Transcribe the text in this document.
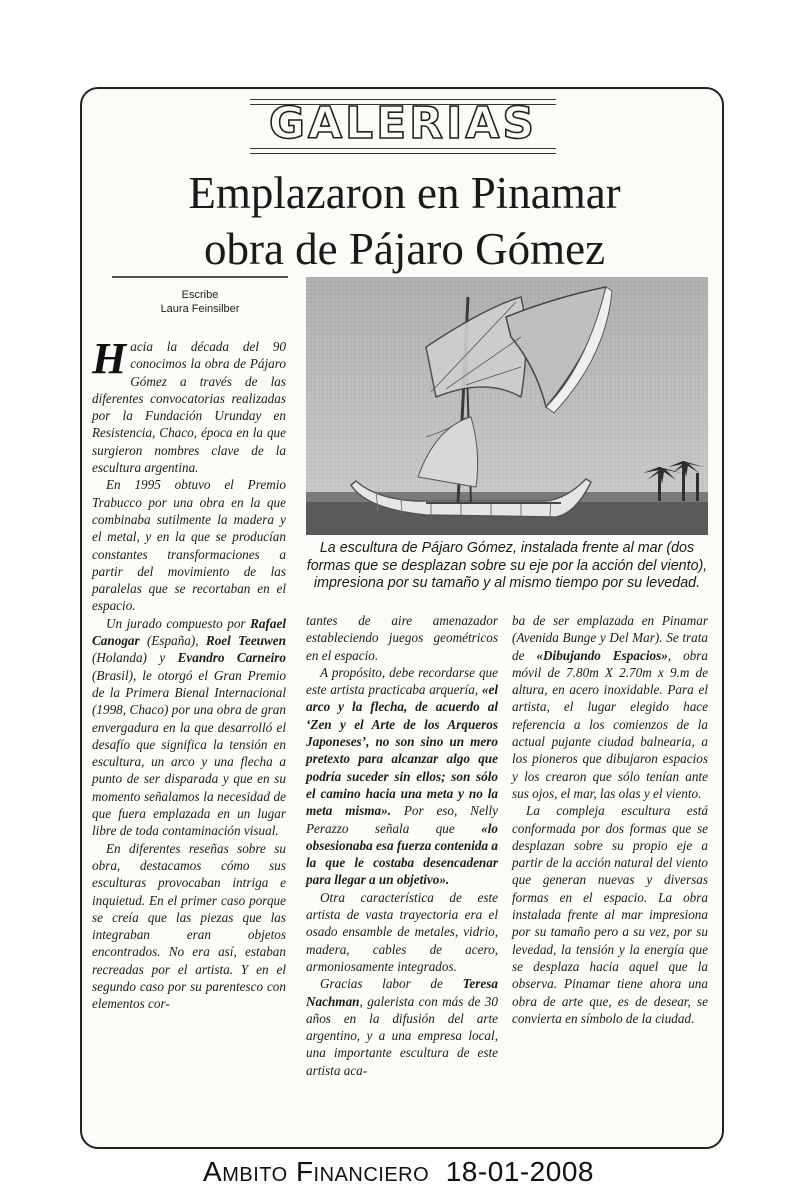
GALERIAS
Emplazaron en Pinamar
obra de Pájaro Gómez
Escribe
Laura Feinsilber
La escultura de Pájaro Gómez, instalada frente al mar (dos formas que se desplazan sobre su eje por la acción del viento), impresiona por su tamaño y al mismo tiempo por su levedad.

Hacia la década del 90 conocimos la obra de Pájaro Gómez a través de las diferentes convocatorias realizadas por la Fundación Urunday en Resistencia, Chaco, época en la que surgieron nombres clave de la escultura argentina.

En 1995 obtuvo el Premio Trabucco por una obra en la que combinaba sutilmente la madera y el metal, y en la que se producían constantes transformaciones a partir del movimiento de las paralelas que se recortaban en el espacio.

Un jurado compuesto por Rafael Canogar (España), Roel Teeuwen (Holanda) y Evandro Carneiro (Brasil), le otorgó el Gran Premio de la Primera Bienal Internacional (1998, Chaco) por una obra de gran envergadura en la que desarrolló el desafío que significa la tensión en escultura, un arco y una flecha a punto de ser disparada y que en su momento señalamos la necesidad de que fuera emplazada en un lugar libre de toda contaminación visual.

En diferentes reseñas sobre su obra, destacamos cómo sus esculturas provocaban intriga e inquietud. En el primer caso porque se creía que las piezas que las integraban eran objetos encontrados. No era así, estaban recreadas por el artista. Y en el segundo caso por su parentesco con elementos cor-

tantes de aire amenazador estableciendo juegos geométricos en el espacio.

A propósito, debe recordarse que este artista practicaba arquería, «el arco y la flecha, de acuerdo al ‘Zen y el Arte de los Arqueros Japoneses’, no son sino un mero pretexto para alcanzar algo que podría suceder sin ellos; son sólo el camino hacia una meta y no la meta misma». Por eso, Nelly Perazzo señala que «lo obsesionaba esa fuerza contenida a la que le costaba desencadenar para llegar a un objetivo».

Otra característica de este artista de vasta trayectoria era el osado ensamble de metales, vidrio, madera, cables de acero, armoniosamente integrados.

Gracias labor de Teresa Nachman, galerista con más de 30 años en la difusión del arte argentino, y a una empresa local, una importante escultura de este artista aca-

ba de ser emplazada en Pinamar (Avenida Bunge y Del Mar). Se trata de «Dibujando Espacios», obra móvil de 7.80m X 2.70m x 9.m de altura, en acero inoxidable. Para el artista, el lugar elegido hace referencia a los comienzos de la actual pujante ciudad balnearia, a los pioneros que dibujaron espacios y los crearon que sólo tenían ante sus ojos, el mar, las olas y el viento.

La compleja escultura está conformada por dos formas que se desplazan sobre su propio eje a partir de la acción natural del viento que generan nuevas y diversas formas en el espacio. La obra instalada frente al mar impresiona por su tamaño pero a su vez, por su levedad, la tensión y la energía que se desplaza hacia aquel que la observa. Pinamar tiene ahora una obra de arte que, es de desear, se convierta en símbolo de la ciudad.

Ambito Financiero 18-01-2008
